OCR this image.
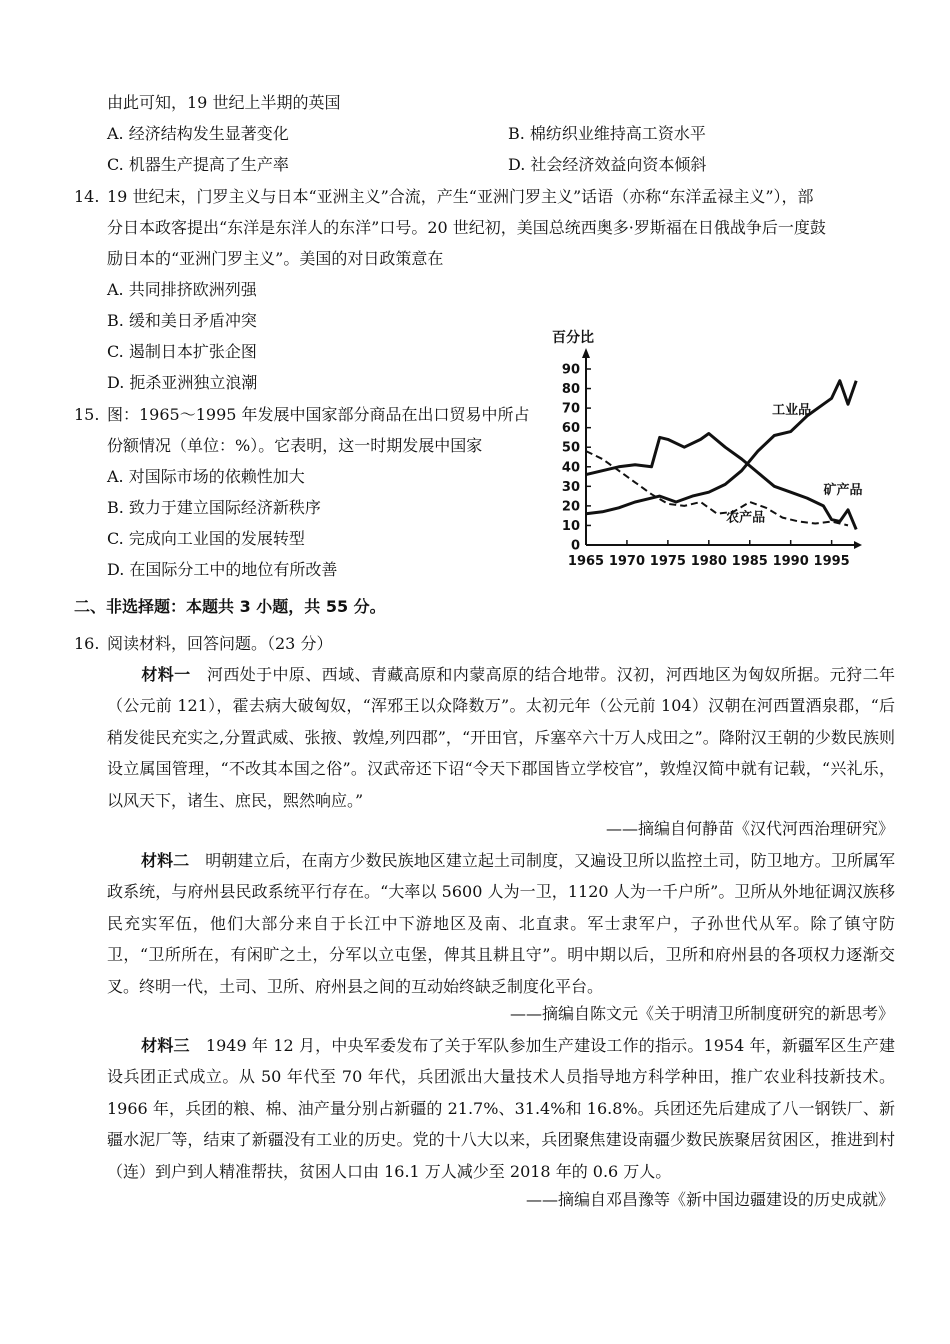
由此可知，19 世纪上半期的英国
A. 经济结构发生显著变化	B. 棉纺织业维持高工资水平
C. 机器生产提高了生产率	D. 社会经济效益向资本倾斜
14. 19 世纪末，门罗主义与日本“亚洲主义”合流，产生“亚洲门罗主义”话语（亦称“东洋孟禄主义”），部
分日本政客提出“东洋是东洋人的东洋”口号。20 世纪初，美国总统西奥多·罗斯福在日俄战争后一度鼓
励日本的“亚洲门罗主义”。美国的对日政策意在
A. 共同排挤欧洲列强
B. 缓和美日矛盾冲突
C. 遏制日本扩张企图
D. 扼杀亚洲独立浪潮
15. 图：1965～1995 年发展中国家部分商品在出口贸易中所占
份额情况（单位：%）。它表明，这一时期发展中国家
A. 对国际市场的依赖性加大
B. 致力于建立国际经济新秩序
C. 完成向工业国的发展转型
D. 在国际分工中的地位有所改善
百分比
0
10
20
30
40
50
60
70
80
90
1965 1970 1975 1980 1985 1990 1995
工业品
矿产品
农产品
二、非选择题：本题共 3 小题，共 55 分。
16. 阅读材料，回答问题。（23 分）
材料一　 河西处于中原、西域、青藏高原和内蒙高原的结合地带。汉初，河西地区为匈奴所据。元狩二年（公元前 121），霍去病大破匈奴，“浑邪王以众降数万”。太初元年（公元前 104）汉朝在河西置酒泉郡，“后稍发徙民充实之,分置武威、张掖、敦煌,列四郡”，“开田官，斥塞卒六十万人戍田之”。降附汉王朝的少数民族则设立属国管理，“不改其本国之俗”。汉武帝还下诏“令天下郡国皆立学校官”，敦煌汉简中就有记载，“兴礼乐，以风天下，诸生、庶民，煕然响应。”
——摘编自何静苗《汉代河西治理研究》
材料二　 明朝建立后，在南方少数民族地区建立起土司制度，又遍设卫所以监控土司，防卫地方。卫所属军政系统，与府州县民政系统平行存在。“大率以 5600 人为一卫，1120 人为一千户所”。卫所从外地征调汉族移民充实军伍，他们大部分来自于长江中下游地区及南、北直隶。军士隶军户，子孙世代从军。除了镇守防卫，“卫所所在，有闲旷之土，分军以立屯堡，俾其且耕且守”。明中期以后，卫所和府州县的各项权力逐渐交叉。终明一代，土司、卫所、府州县之间的互动始终缺乏制度化平台。
——摘编自陈文元《关于明清卫所制度研究的新思考》
材料三　 1949 年 12 月，中央军委发布了关于军队参加生产建设工作的指示。1954 年，新疆军区生产建设兵团正式成立。从 50 年代至 70 年代，兵团派出大量技术人员指导地方科学种田，推广农业科技新技术。1966 年，兵团的粮、棉、油产量分别占新疆的 21.7%、31.4%和 16.8%。兵团还先后建成了八一钢铁厂、新疆水泥厂等，结束了新疆没有工业的历史。党的十八大以来，兵团聚焦建设南疆少数民族聚居贫困区，推进到村（连）到户到人精准帮扶，贫困人口由 16.1 万人减少至 2018 年的 0.6 万人。
——摘编自邓昌豫等《新中国边疆建设的历史成就》
